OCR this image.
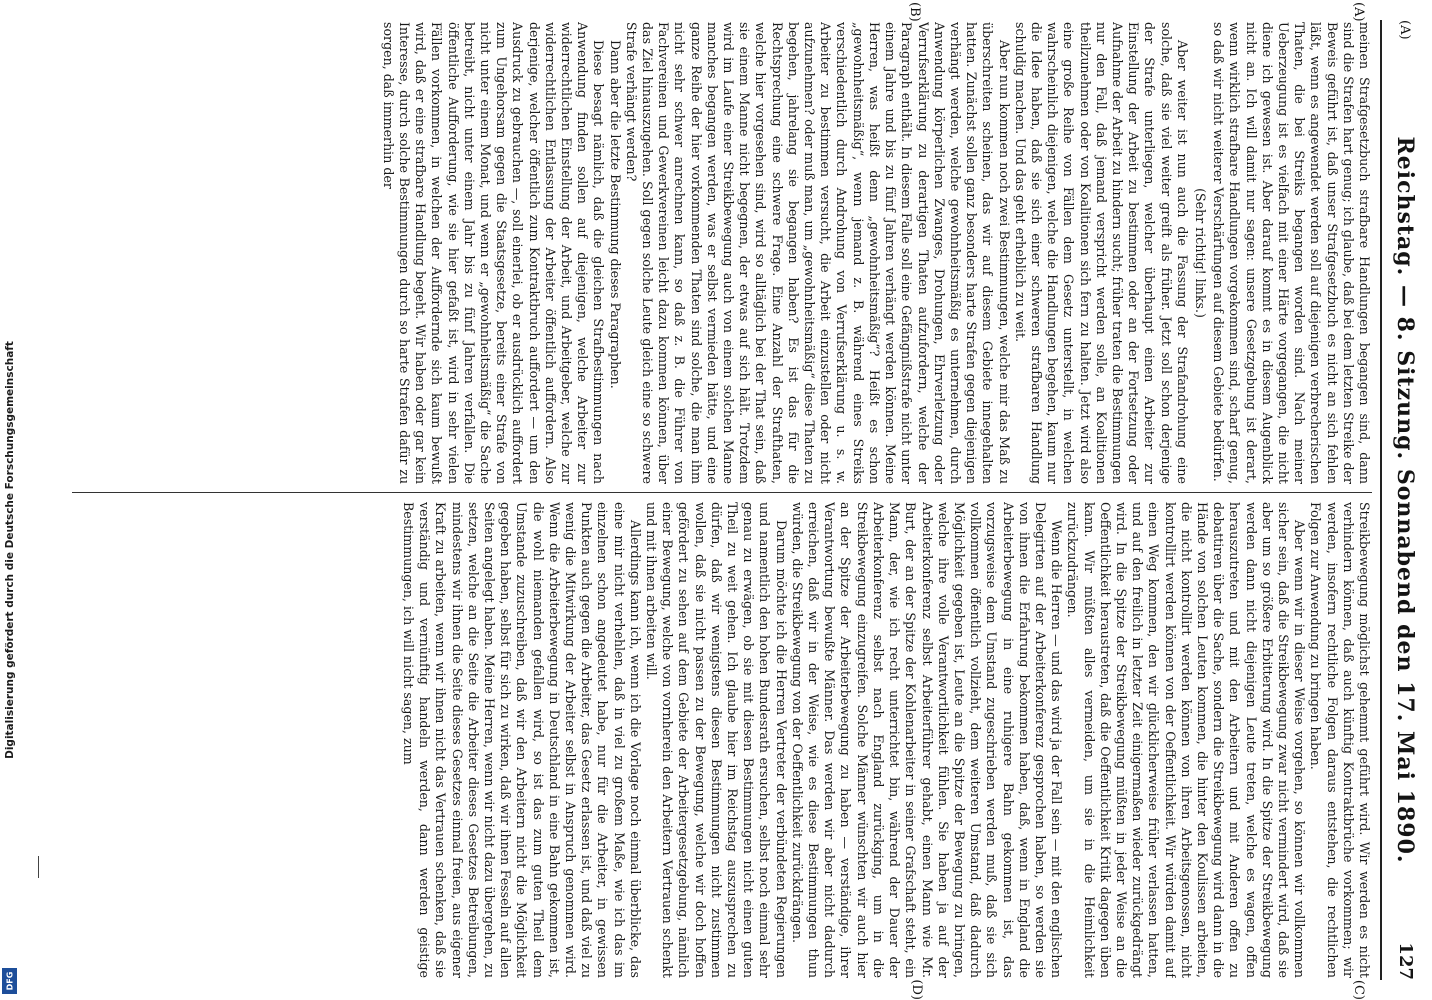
(A)
Reichstag. — 8. Sitzung. Sonnabend den 17. Mai 1890.
127
(A)
(B)
(C)
(D)

meinen Strafgesetzbuch strafbare Handlungen begangen sind, dann sind die Strafen hart genug; ich glaube, daß bei dem letzten Streike der Beweis geführt ist, daß unser Strafgesetzbuch es nicht an sich fehlen läßt, wenn es angewendet werden soll auf diejenigen verbrecherischen Thaten, die bei Streiks begangen worden sind. Nach meiner Ueberzeugung ist es vielfach mit einer Härte vorgegangen, die nicht diene ich gewesen ist. Aber darauf kommt es in diesem Augenblick nicht an. Ich will damit nur sagen: unsere Gesetzgebung ist derart, wenn wirklich strafbare Handlungen vorgekommen sind, scharf genug, so daß wir nicht weiterer Verschärfungen auf diesem Gebiete bedürfen.

(Sehr richtig! links.)

Aber weiter ist nun auch die Fassung der Strafandrohung eine solche, daß sie viel weiter greift als früher. Jetzt soll schon derjenige der Strafe unterliegen, welcher überhaupt einen Arbeiter zur Einstellung der Arbeit zu bestimmen oder an der Fortsetzung oder Aufnahme der Arbeit zu hindern sucht; früher traten die Bestimmungen nur den Fall, daß jemand verspricht werden solle, an Koalitionen theilzunehmen oder von Koalitionen sich fern zu halten. Jetzt wird also eine große Reihe von Fällen dem Gesetz unterstellt, in welchen wahrscheinlich diejenigen, welche die Handlungen begehen, kaum nur die Idee haben, daß sie sich einer schweren strafbaren Handlung schuldig machen. Und das geht erheblich zu weit.

Aber nun kommen noch zwei Bestimmungen, welche mir das Maß zu überschreiten scheinen, das wir auf diesem Gebiete innegehalten hatten. Zunächst sollen ganz besonders harte Strafen gegen diejenigen verhängt werden, welche gewohnheitsmäßig es unternehmen, durch Anwendung körperlichen Zwanges, Drohungen, Ehrverletzung oder Verrufserklärung zu derartigen Thaten aufzufordern, welche der Paragraph enthält. In diesem Falle soll eine Gefängnißstrafe nicht unter einem Jahre und bis zu fünf Jahren verhängt werden können. Meine Herren, was heißt denn „gewohnheitsmäßig“? Heißt es schon „gewohnheitsmäßig“, wenn jemand z. B. während eines Streiks verschiedentlich durch Androhung von Verrufserklärung u. s. w. Arbeiter zu bestimmen versucht, die Arbeit einzustellen oder nicht aufzunehmen? oder muß man, um „gewohnheitsmäßig“ diese Thaten zu begehen, jahrelang sie begangen haben? Es ist das für die Rechtsprechung eine schwere Frage. Eine Anzahl der Strafthaten, welche hier vorgesehen sind, wird so alltäglich bei der That sein, daß sie einem Manne nicht begegnen, der etwas auf sich hält. Trotzdem wird im Laufe einer Streikbewegung auch von einem solchen Manne manches begangen werden, was er selbst vermieden hätte, und eine ganze Reihe der hier vorkommenden Thaten sind solche, die man ihm nicht sehr schwer anrechnen kann, so daß z. B. die Führer von Fachvereinen und Gewerkvereinen leicht dazu kommen können, über das Ziel hinauszugehen. Soll gegen solche Leute gleich eine so schwere Strafe verhängt werden?

Dann aber die letzte Bestimmung dieses Paragraphen.

Diese besagt nämlich, daß die gleichen Strafbestimmungen nach Anwendung finden sollen auf diejenigen, welche Arbeiter zur widerrechtlichen Einstellung der Arbeit, und Arbeitgeber, welche zur widerrechtlichen Entlassung der Arbeiter öffentlich auffordern. Also derjenige, welcher öffentlich zum Kontraktbruch auffordert — um den Ausdruck zu gebrauchen —, soll einerlei, ob er ausdrücklich auffordert zum Ungehorsam gegen die Staatsgesetze, bereits einer Strafe von nicht unter einem Monat, und wenn er „gewohnheitsmäßig“ die Sache betreibt, nicht unter einem Jahr bis zu fünf Jahren verfallen. Die öffentliche Aufforderung, wie sie hier gefaßt ist, wird in sehr vielen Fällen vorkommen, in welchen der Auffordernde sich kaum bewußt wird, daß er eine strafbare Handlung begeht. Wir haben oder gar kein Interesse, durch solche Bestimmungen durch so harte Strafen dafür zu sorgen, daß immerhin der

Streikbewegung möglichst gehemmt geführt wird. Wir werden es nicht verhindern können, daß auch künftig Kontraktbrüche vorkommen; wir werden, insofern rechtliche Folgen daraus entstehen, die rechtlichen Folgen zur Anwendung zu bringen haben.

Aber wenn wir in dieser Weise vorgehen, so können wir vollkommen sicher sein, daß die Streikbewegung zwar nicht vermindert wird, daß sie aber um so größere Erbitterung wird. In die Spitze der Streikbewegung werden dann nicht diejenigen Leute treten, welche es wagen, offen herauszutreten und mit den Arbeitern und mit Anderen offen zu debattiren über die Sache, sondern die Streikbewegung wird dann in die Hände von solchen Leuten kommen, die hinter den Koulissen arbeiten, die nicht kontrollirt werden können von ihren Arbeitsgenossen, nicht kontrollirt werden können von der Oeffentlichkeit. Wir würden damit auf einen Weg kommen, den wir glücklicherweise früher verlassen hatten, und auf den freilich in letzter Zeit einigermaßen wieder zurückgedrängt wird. In die Spitze der Streikbewegung müßten in jeder Weise an die Oeffentlichkeit heraustreten, daß die Oeffentlichkeit Kritik dagegen üben kann. Wir müßten alles vermeiden, um sie in die Heimlichkeit zurückzudrängen.

Wenn die Herren — und das wird ja der Fall sein — mit den englischen Delegirten auf der Arbeiterkonferenz gesprochen haben, so werden sie von ihnen die Erfahrung bekommen haben, daß, wenn in England die Arbeiterbewegung in eine ruhigere Bahn gekommen ist, das vorzugsweise dem Umstand zugeschrieben werden muß, daß sie sich vollkommen öffentlich vollzieht, dem weiteren Umstand, daß dadurch Möglichkeit gegeben ist, Leute an die Spitze der Bewegung zu bringen, welche ihre volle Verantwortlichkeit fühlen. Sie haben ja auf der Arbeiterkonferenz selbst Arbeiterführer gehabt, einen Mann wie Mr. Burt, der an der Spitze der Kohlenarbeiter in seiner Grafschaft steht, ein Mann, der, wie ich recht unterrichtet bin, während der Dauer der Arbeiterkonferenz selbst nach England zurückging, um in die Streikbewegung einzugreifen. Solche Männer wünschten wir auch hier an der Spitze der Arbeiterbewegung zu haben — verständige, ihrer Verantwortung bewußte Männer. Das werden wir aber nicht dadurch erreichen, daß wir in der Weise, wie es diese Bestimmungen thun würden, die Streikbewegung von der Oeffentlichkeit zurückdrängen.

Darum möchte ich die Herren Vertreter der verbündeten Regierungen und namentlich den hohen Bundesrath ersuchen, selbst noch einmal sehr genau zu erwägen, ob sie mit diesen Bestimmungen nicht einen guten Theil zu weit gehen. Ich glaube hier im Reichstag auszusprechen zu dürfen, daß wir wenigstens diesen Bestimmungen nicht zustimmen wollen, daß sie nicht passen zu der Bewegung, welche wir doch hoffen gefördert zu sehen auf dem Gebiete der Arbeitergesetzgebung, nämlich einer Bewegung, welche von vornherein den Arbeitern Vertrauen schenkt und mit ihnen arbeiten will.

Allerdings kann ich, wenn ich die Vorlage noch einmal überblicke, das eine mir nicht verhehlen, daß in viel zu großem Maße, wie ich das im einzelnen schon angedeutet habe, nur für die Arbeiter, in gewissen Punkten auch gegen die Arbeiter, das Gesetz erlassen ist, und daß viel zu wenig die Mitwirkung der Arbeiter selbst in Anspruch genommen wird. Wenn die Arbeiterbewegung in Deutschland in eine Bahn gekommen ist, die wohl niemanden gefallen wird, so ist das zum guten Theil dem Umstande zuzuschreiben, daß wir den Arbeitern nicht die Möglichkeit gegeben haben, selbst für sich zu wirken, daß wir ihnen Fesseln auf allen Seiten angelegt haben. Meine Herren, wenn wir nicht dazu übergehen, zu setzen, welche an die Seite die Arbeiter dieses Gesetzes Betreibungen, mindestens wir ihnen die Seite dieses Gesetzes einmal freien, aus eigener Kraft zu arbeiten, wenn wir ihnen nicht das Vertrauen schenken, daß sie verständig und vernünftig handeln werden, dann werden geistige Bestimmungen, ich will nicht sagen, zum

Digitalisierung gefördert durch die Deutsche Forschungsgemeinschaft
DFG
